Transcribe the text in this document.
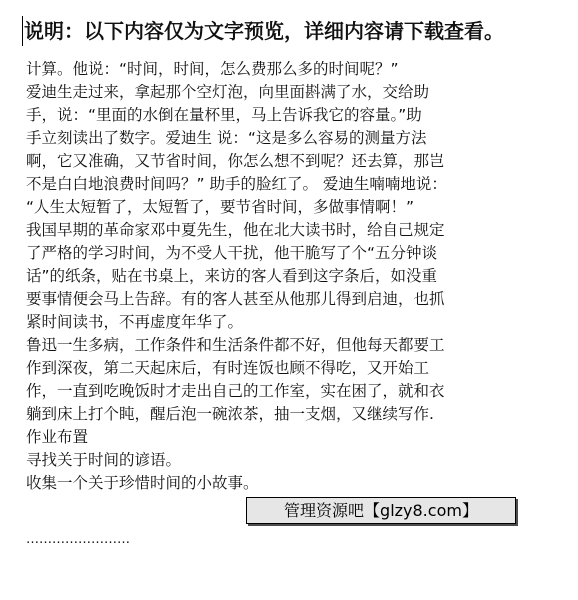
说明：以下内容仅为文字预览，详细内容请下载查看。
计算。他说：“时间，时间，怎么费那么多的时间呢？”
爱迪生走过来，拿起那个空灯泡，向里面斟满了水，交给助
手，说：“里面的水倒在量杯里，马上告诉我它的容量。”助
手立刻读出了数字。爱迪生 说：“这是多么容易的测量方法
啊，它又准确，又节省时间，你怎么想不到呢？还去算，那岂
不是白白地浪费时间吗？” 助手的脸红了。 爱迪生喃喃地说：
“人生太短暂了，太短暂了，要节省时间，多做事情啊！”
我国早期的革命家邓中夏先生，他在北大读书时，给自己规定
了严格的学习时间，为不受人干扰，他干脆写了个“五分钟谈
话”的纸条，贴在书桌上，来访的客人看到这字条后，如没重
要事情便会马上告辞。有的客人甚至从他那儿得到启迪，也抓
紧时间读书，不再虚度年华了。
鲁迅一生多病，工作条件和生活条件都不好，但他每天都要工
作到深夜，第二天起床后，有时连饭也顾不得吃，又开始工
作，一直到吃晚饭时才走出自己的工作室，实在困了，就和衣
躺到床上打个盹，醒后泡一碗浓茶，抽一支烟，又继续写作.
作业布置
寻找关于时间的谚语。
收集一个关于珍惜时间的小故事。
管理资源吧【glzy8.com】
……………………
